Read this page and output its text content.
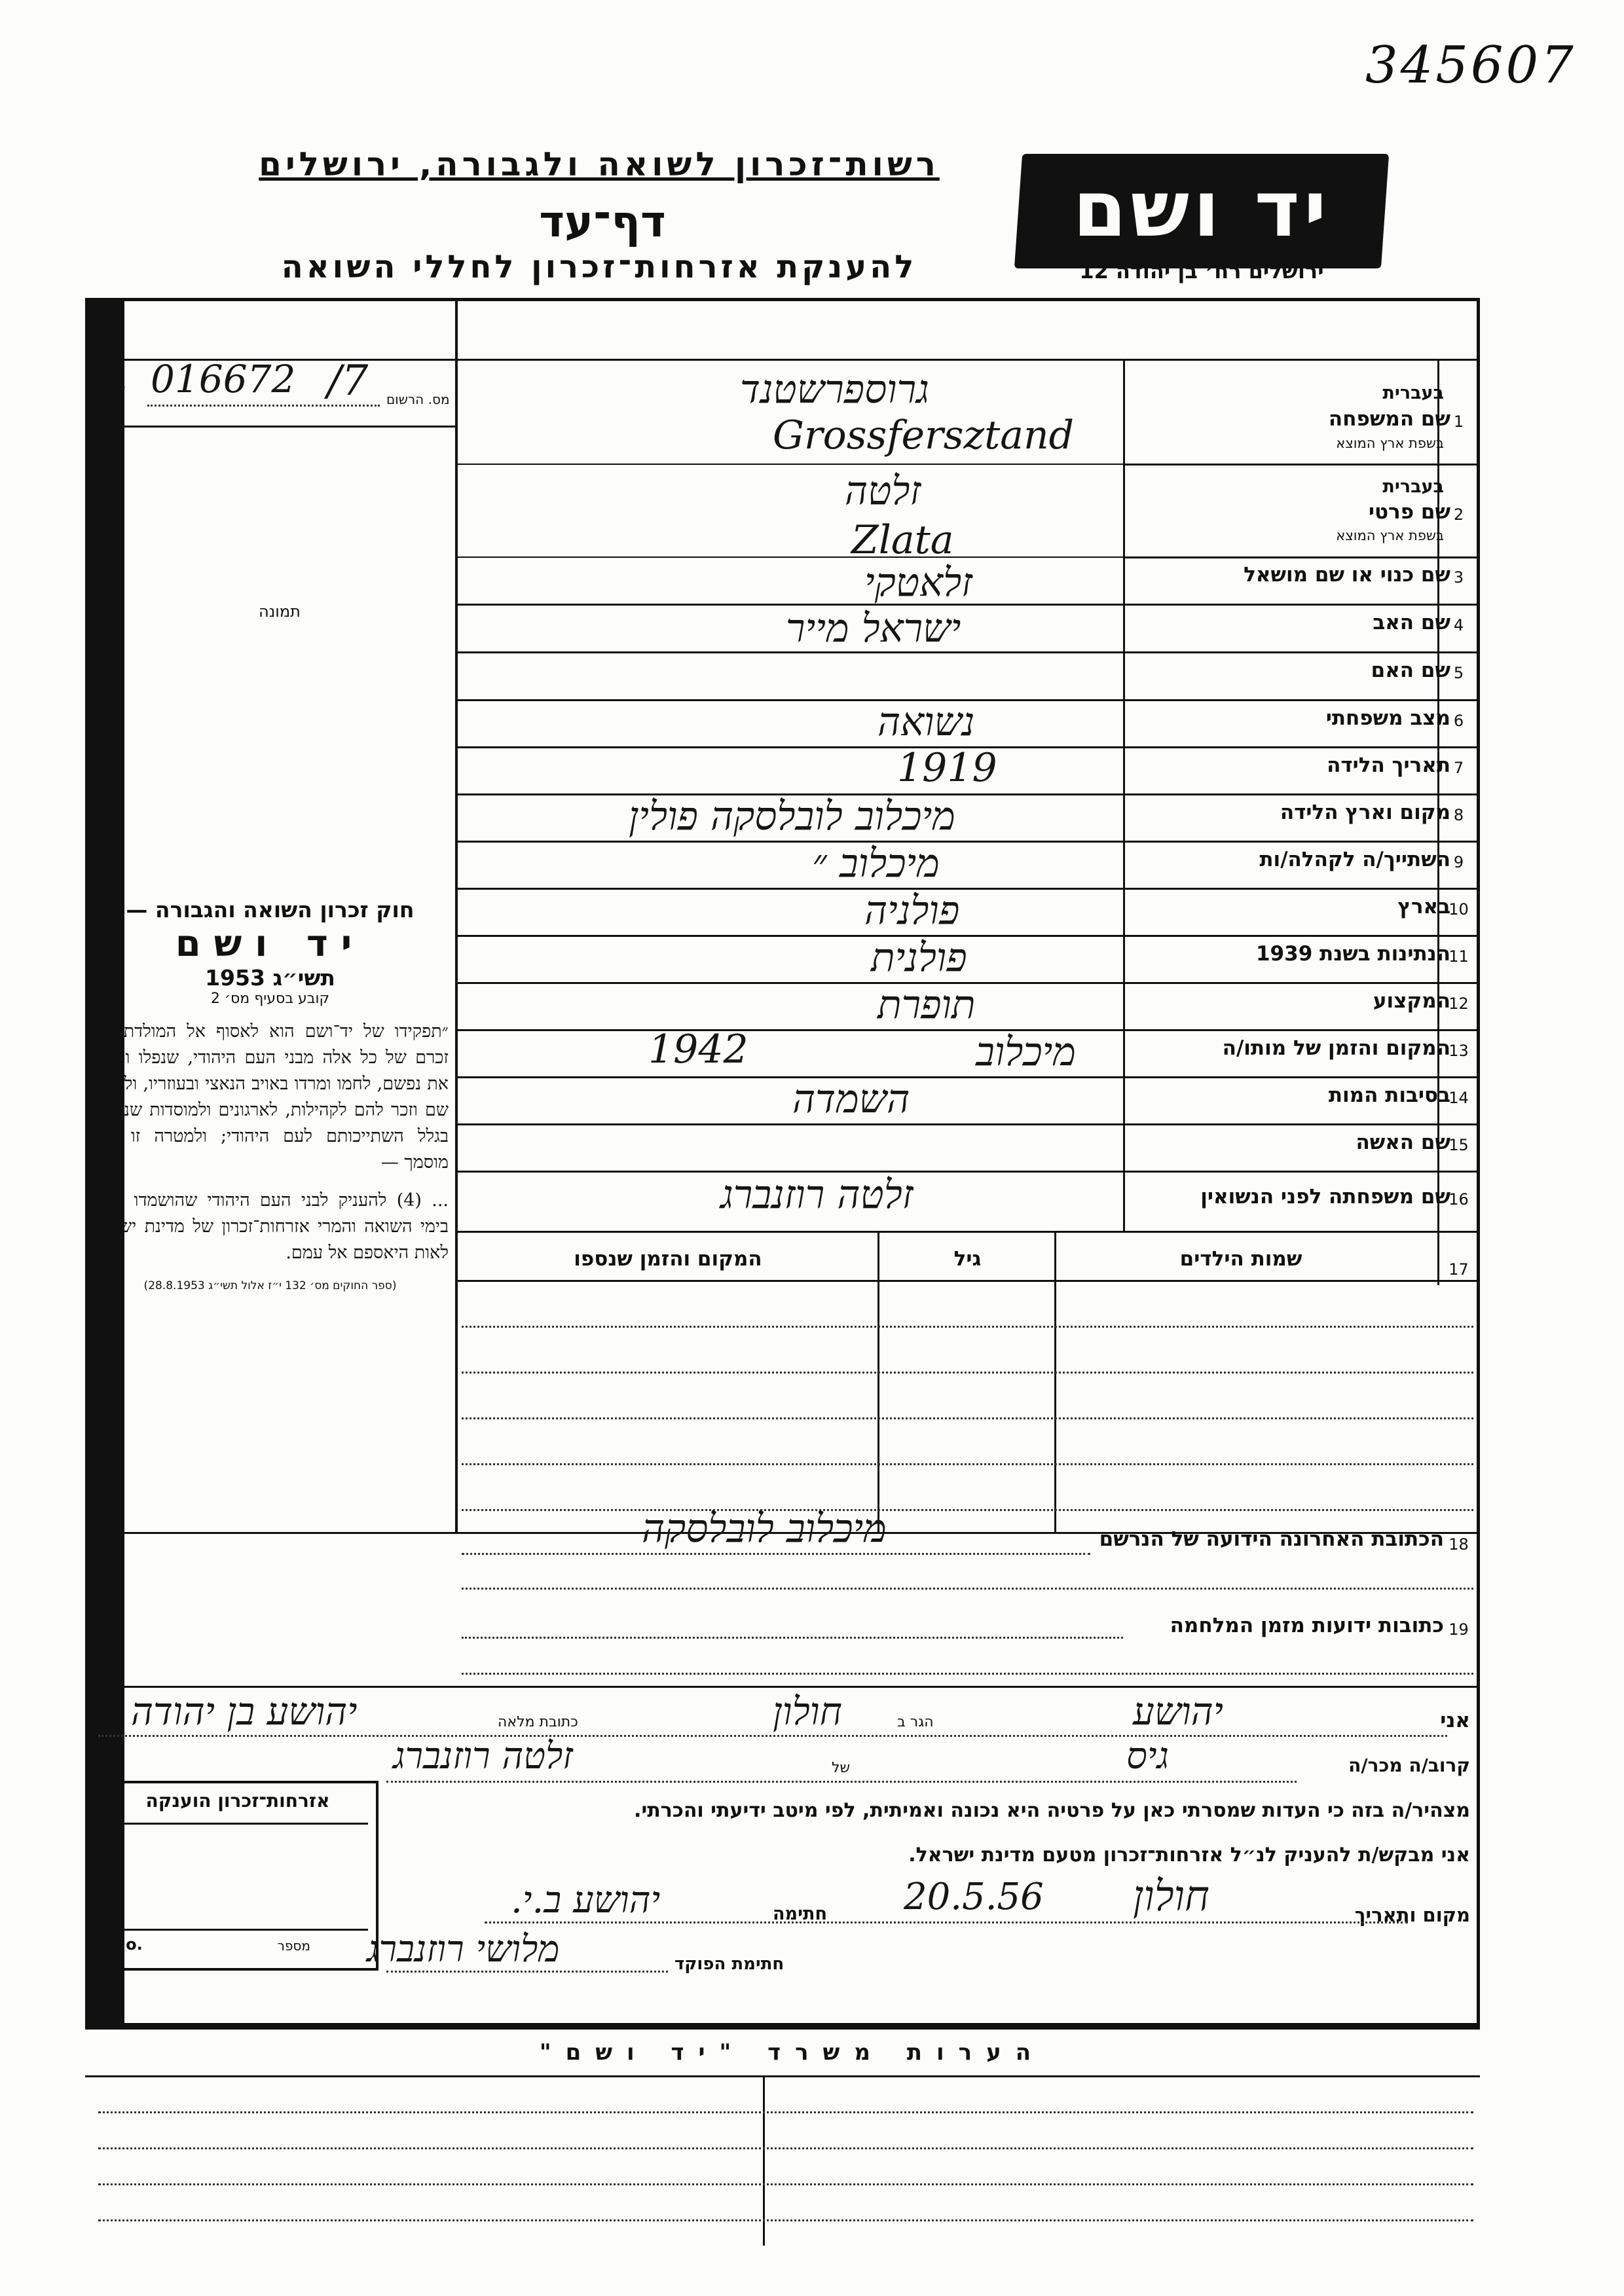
345607
רשות־זכרון לשואה ולגבורה, ירושלים
דף־עד
להענקת אזרחות־זכרון לחללי השואה
יד ושם
ירושלים רח׳ בן יהודה 12
No. 016672 /7 מס. הרשום
תמונה
חוק זכרון השואה והגבורה —
יד ושם
תשי״ג 1953
קובע בסעיף מס׳ 2
״תפקידו של יד־ושם הוא לאסוף אל המולדת את זכרם של כל אלה מבני העם היהודי, שנפלו ומסרו את נפשם, לחמו ומרדו באויב הנאצי ובעוזריו, ולהציב שם וזכר להם לקהילות, לארגונים ולמוסדות שנחרבו בגלל השתייכותם לעם היהודי; ולמטרה זו יהא מוסמך —
... (4) להעניק לבני העם היהודי שהושמדו ונפלו בימי השואה והמרי אזרחות־זכרון של מדינת ישראל לאות היאספם אל עמם.
(ספר החוקים מס׳ 132 י״ז אלול תשי״ג 28.8.1953)
1
שם המשפחה
בעברית
בשפת ארץ המוצא
גרוספרשטנד
Grossfersztand
2
שם פרטי
בעברית
בשפת ארץ המוצא
זלטה
Zlata
3
שם כנוי או שם מושאל
זלאטקי
4
שם האב
ישראל מייר
5
שם האם
6
מצב משפחתי
נשואה
7
תאריך הלידה
1919
8
מקום וארץ הלידה
מיכלוב לובלסקה פולין
9
השתייך/ה לקהלה/ות
מיכלוב ״
10
בארץ
פולניה
11
הנתינות בשנת 1939
פולנית
12
המקצוע
תופרת
13
המקום והזמן של מותו/ה
מיכלוב
1942
14
בסיבות המות
השמדה
15
שם האשה
16
שם משפחתה לפני הנשואין
זלטה רוזנברג
17
שמות הילדים
גיל
המקום והזמן שנספו
18
הכתובת האחרונה הידועה של הנרשם
מיכלוב לובלסקה
19
כתובות ידועות מזמן המלחמה
אני
יהושע
הגר ב
חולון
כתובת מלאה
יהושע בן יהודה
קרוב/ה מכר/ה
גיס
של
זלטה רוזנברג
מצהיר/ה בזה כי העדות שמסרתי כאן על פרטיה היא נכונה ואמיתית, לפי מיטב ידיעתי והכרתי.
אני מבקש/ת להעניק לנ״ל אזרחות־זכרון מטעם מדינת ישראל.
מקום ותאריך
חולון
20.5.56
חתימה
יהושע ב.י.
חתימת הפוקד
מלושי רוזנברג
אזרחות־זכרון הוענקה
No.	מספר
הערות משרד "יד ושם"
